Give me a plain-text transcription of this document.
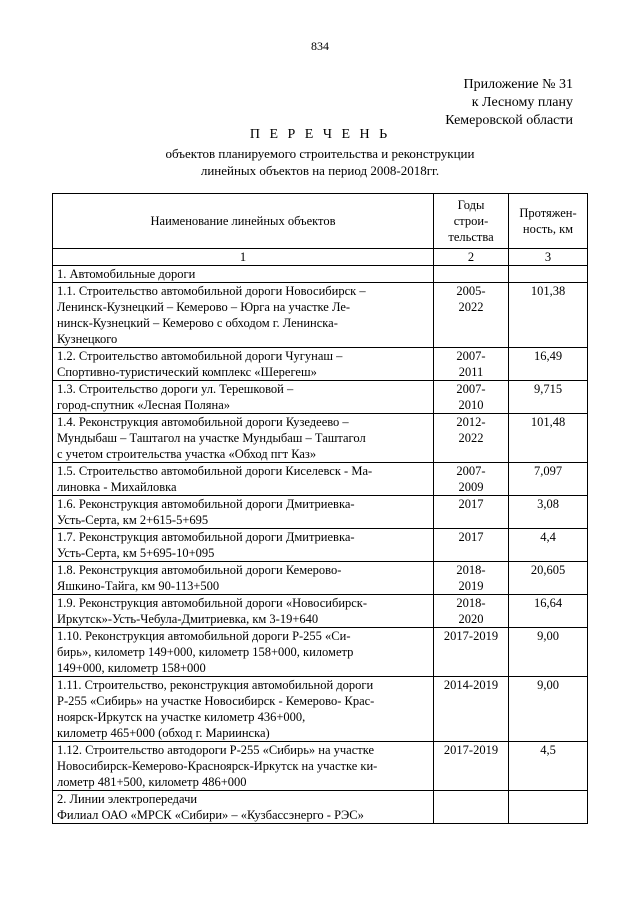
834
Приложение № 31
к Лесному плану
Кемеровской области
П Е Р Е Ч Е Н Ь
объектов планируемого строительства и реконструкции
линейных объектов на период 2008-2018гг.
Наименование линейных объектов	Годы
строи-
тельства	Протяжен-
ность, км
1	2	3
1. Автомобильные дороги		
1.1. Строительство автомобильной дороги Новосибирск –
Ленинск-Кузнецкий – Кемерово – Юрга на участке Ле-
нинск-Кузнецкий – Кемерово с обходом г. Ленинска-
Кузнецкого	2005-
2022	101,38
1.2. Строительство автомобильной дороги Чугунаш –
Спортивно-туристический комплекс «Шерегеш»	2007-
2011	16,49
1.3. Строительство дороги ул. Терешковой –
город-спутник «Лесная Поляна»	2007-
2010	9,715
1.4. Реконструкция автомобильной дороги Кузедеево –
Мундыбаш – Таштагол на участке Мундыбаш – Таштагол
с учетом строительства участка «Обход пгт Каз»	2012-
2022	101,48
1.5. Строительство автомобильной дороги Киселевск - Ма-
линовка - Михайловка	2007-
2009	7,097
1.6. Реконструкция автомобильной дороги Дмитриевка-
Усть-Серта, км 2+615-5+695	2017	3,08
1.7. Реконструкция автомобильной дороги Дмитриевка-
Усть-Серта, км 5+695-10+095	2017	4,4
1.8. Реконструкция автомобильной дороги Кемерово-
Яшкино-Тайга, км 90-113+500	2018-
2019	20,605
1.9. Реконструкция автомобильной дороги «Новосибирск-
Иркутск»-Усть-Чебула-Дмитриевка, км 3-19+640	2018-
2020	16,64
1.10. Реконструкция автомобильной дороги Р-255 «Си-
бирь», километр 149+000, километр 158+000, километр
149+000, километр 158+000	2017-2019	9,00
1.11. Строительство, реконструкция автомобильной дороги
Р-255 «Сибирь» на участке Новосибирск - Кемерово- Крас-
ноярск-Иркутск на участке километр 436+000,
километр 465+000 (обход г. Мариинска)	2014-2019	9,00
1.12. Строительство автодороги Р-255 «Сибирь» на участке
Новосибирск-Кемерово-Красноярск-Иркутск на участке ки-
лометр 481+500, километр 486+000	2017-2019	4,5
2. Линии электропередачи
Филиал ОАО «МРСК «Сибири» – «Кузбассэнерго - РЭС»		
